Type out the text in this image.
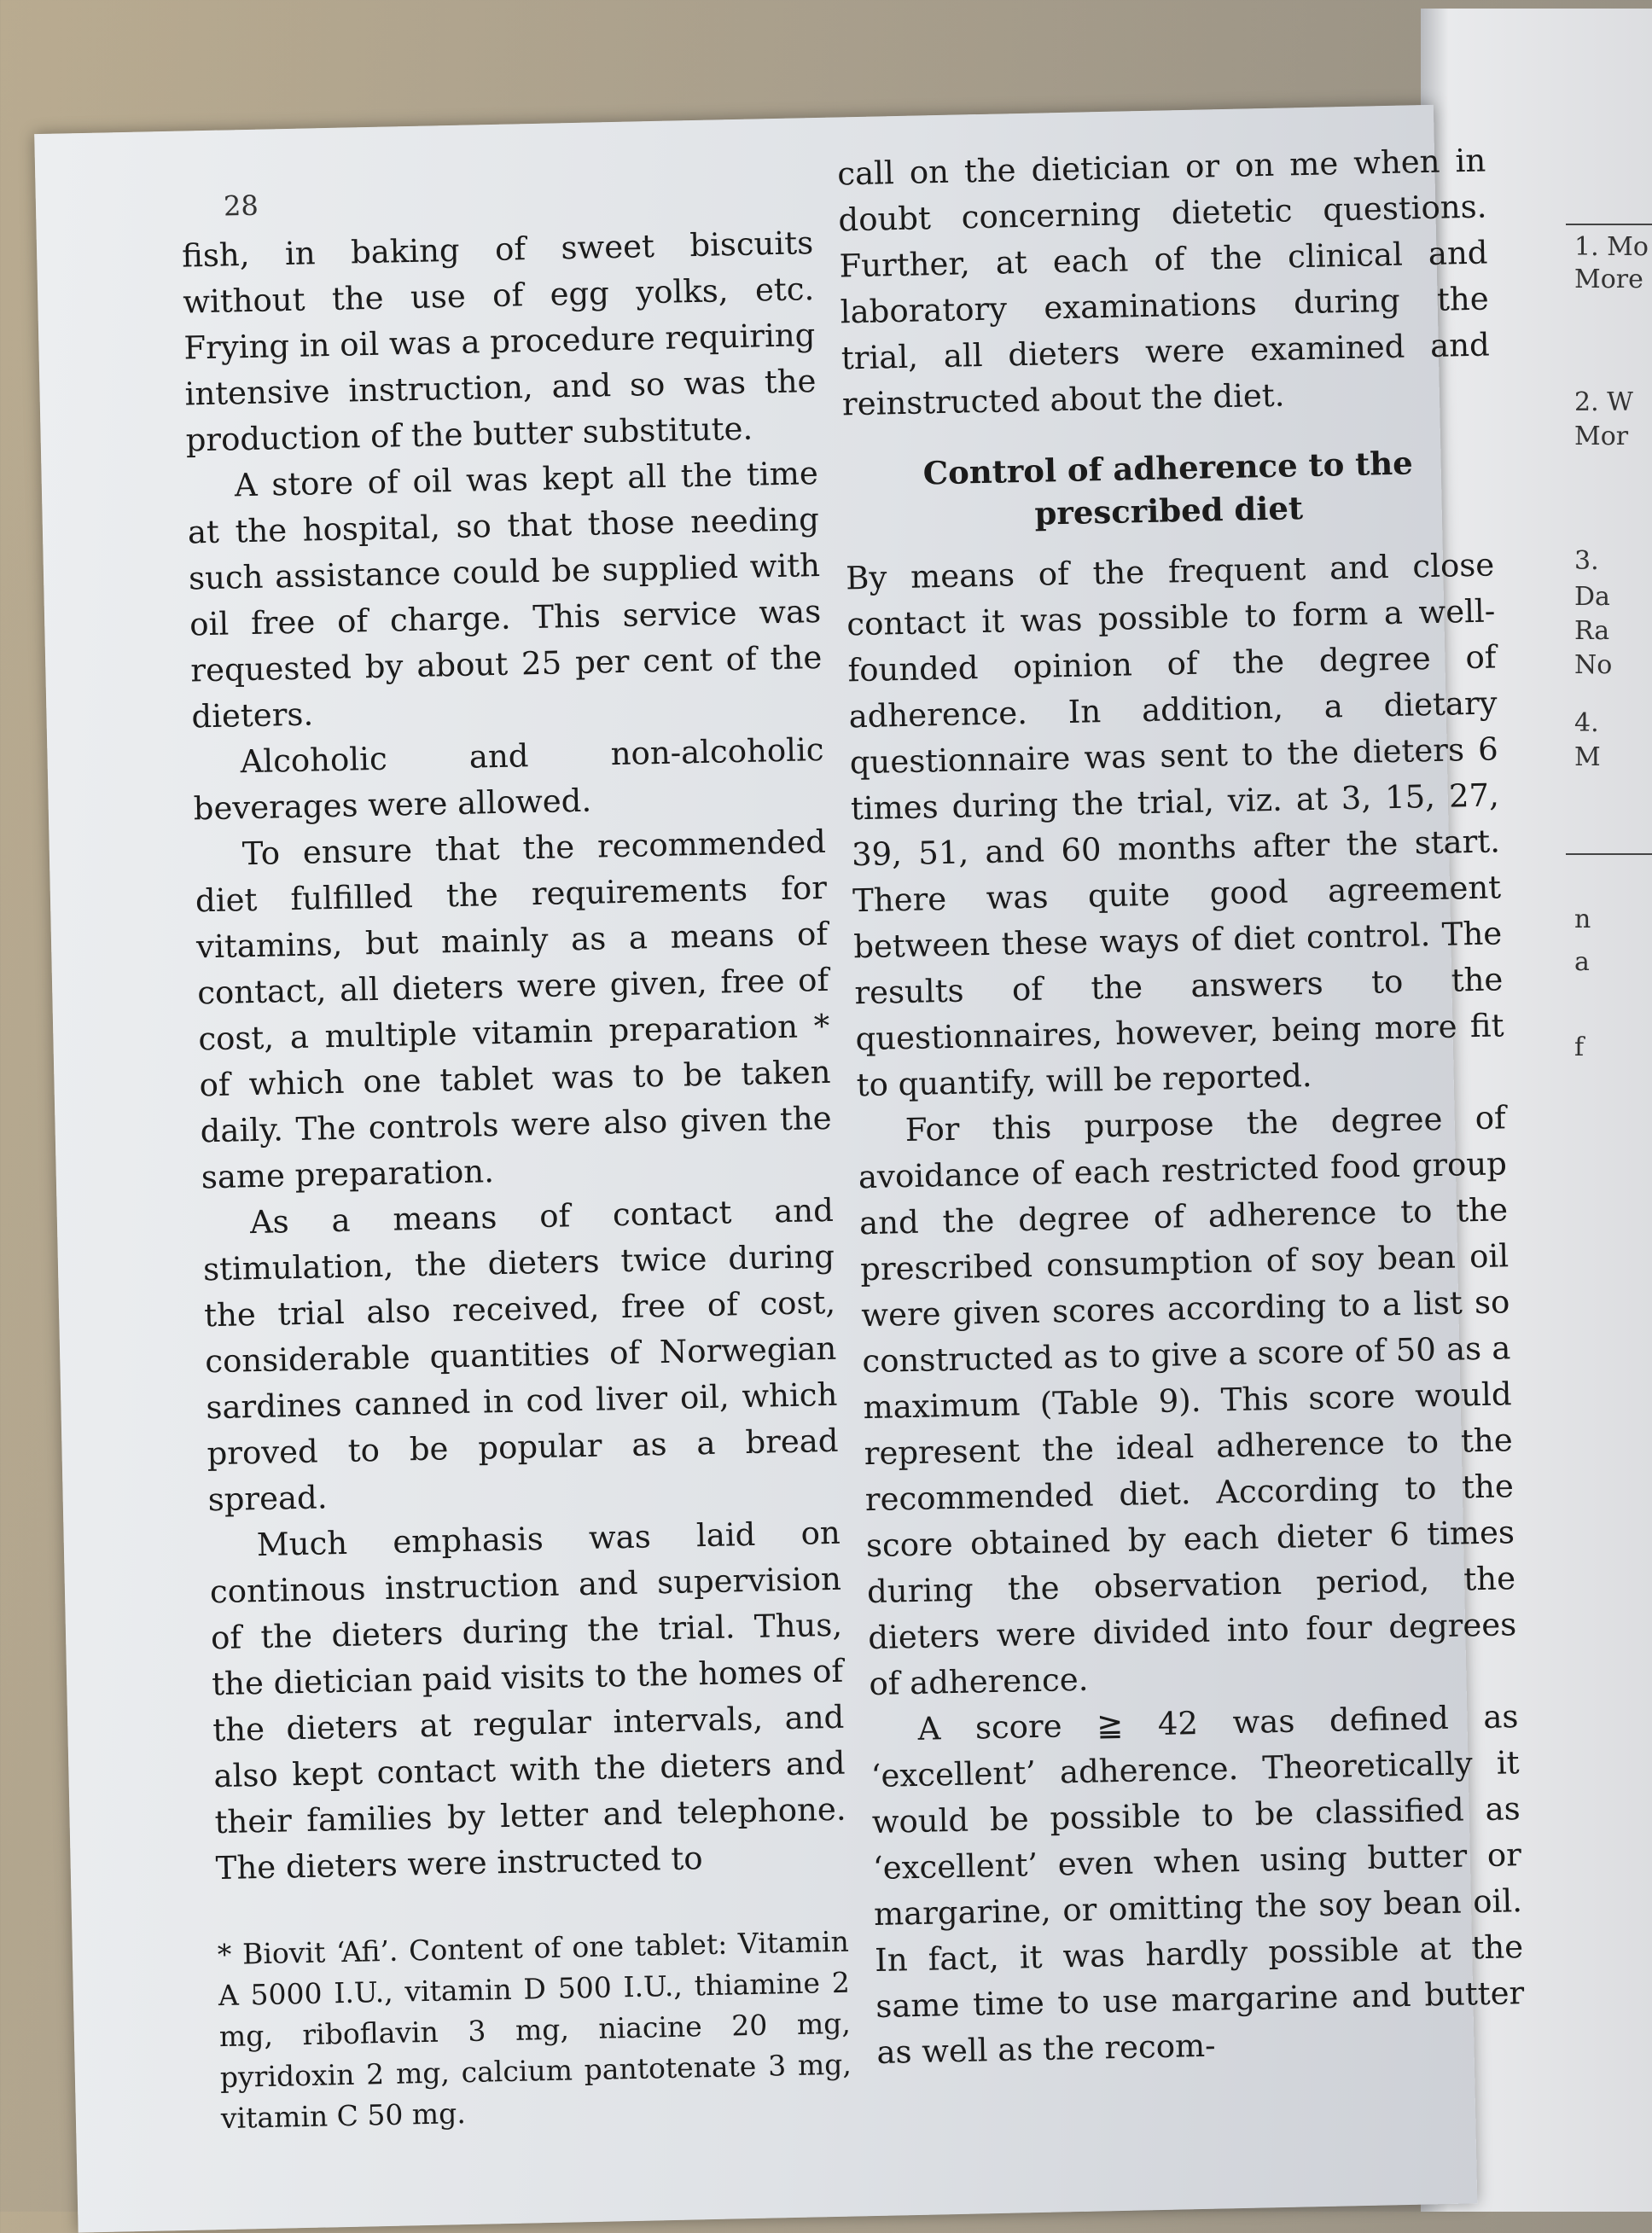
1. Mo
More
2. W
Mor
3.
Da
Ra
No
4.
M
n
a
f
28

fish, in baking of sweet biscuits without the use of egg yolks, etc. Frying in oil was a procedure requiring intensive instruction, and so was the production of the butter substitute.

A store of oil was kept all the time at the hospital, so that those needing such assistance could be supplied with oil free of charge. This service was requested by about 25 per cent of the dieters.

Alcoholic and non-alcoholic beverages were allowed.

To ensure that the recommended diet fulfilled the requirements for vitamins, but mainly as a means of contact, all dieters were given, free of cost, a multiple vitamin preparation * of which one tablet was to be taken daily. The controls were also given the same preparation.

As a means of contact and stimulation, the dieters twice during the trial also received, free of cost, considerable quantities of Norwegian sardines canned in cod liver oil, which proved to be popular as a bread spread.

Much emphasis was laid on continous instruction and supervision of the dieters during the trial. Thus, the dietician paid visits to the homes of the dieters at regular intervals, and also kept contact with the dieters and their families by letter and telephone. The dieters were instructed to

* Biovit ‘Afi’. Content of one tablet: Vitamin A 5000 I.U., vitamin D 500 I.U., thiamine 2 mg, riboflavin 3 mg, niacine 20 mg, pyridoxin 2 mg, calcium pantotenate 3 mg, vitamin C 50 mg.

call on the dietician or on me when in doubt concerning dietetic questions. Further, at each of the clinical and laboratory examinations during the trial, all dieters were examined and reinstructed about the diet.

Control of adherence to the prescribed diet

By means of the frequent and close contact it was possible to form a well-founded opinion of the degree of adherence. In addition, a dietary questionnaire was sent to the dieters 6 times during the trial, viz. at 3, 15, 27, 39, 51, and 60 months after the start. There was quite good agreement between these ways of diet control. The results of the answers to the questionnaires, however, being more fit to quantify, will be reported.

For this purpose the degree of avoidance of each restricted food group and the degree of adherence to the prescribed consumption of soy bean oil were given scores according to a list so constructed as to give a score of 50 as a maximum (Table 9). This score would represent the ideal adherence to the recommended diet. According to the score obtained by each dieter 6 times during the observation period, the dieters were divided into four degrees of adherence.

A score ≧ 42 was defined as ‘excellent’ adherence. Theoretically it would be possible to be classified as ‘excellent’ even when using butter or margarine, or omitting the soy bean oil. In fact, it was hardly possible at the same time to use margarine and butter as well as the recom-
